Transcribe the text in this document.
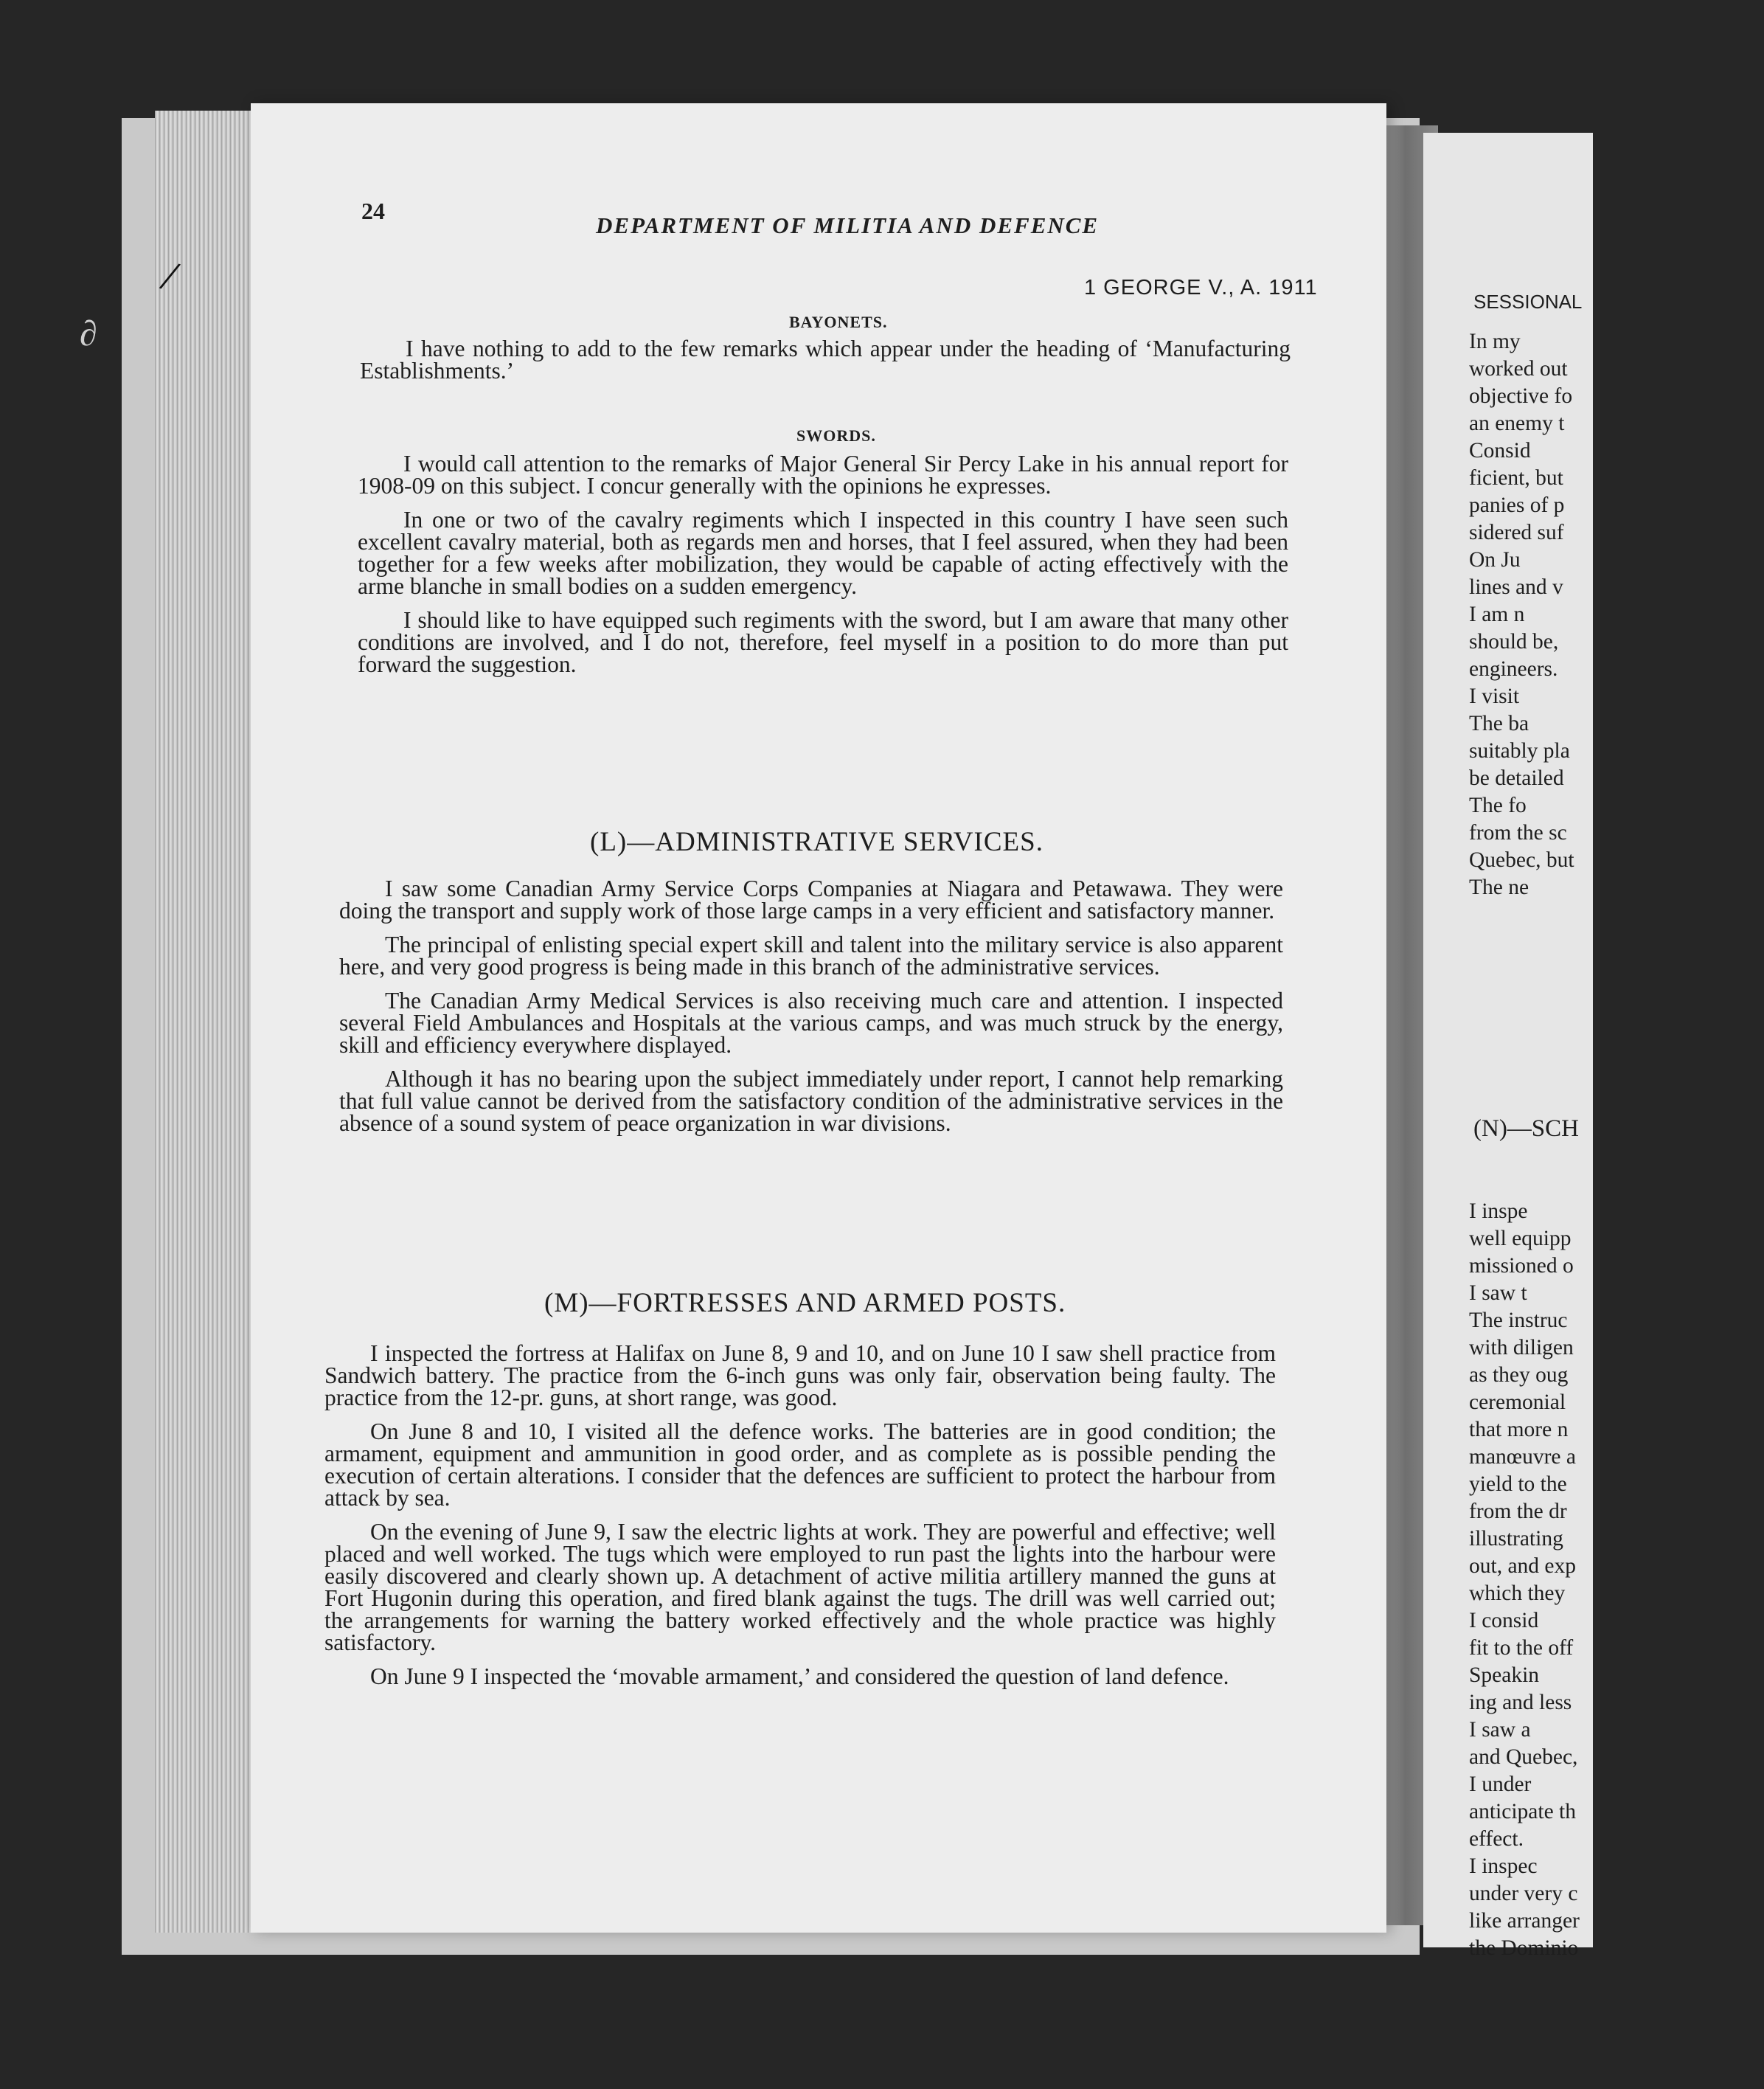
/
∂
24
DEPARTMENT OF MILITIA AND DEFENCE
1 GEORGE V., A. 1911
BAYONETS.

I have nothing to add to the few remarks which appear under the heading of ‘Manufacturing Establishments.’

SWORDS.

I would call attention to the remarks of Major General Sir Percy Lake in his annual report for 1908-09 on this subject. I concur generally with the opinions he expresses.

In one or two of the cavalry regiments which I inspected in this country I have seen such excellent cavalry material, both as regards men and horses, that I feel assured, when they had been together for a few weeks after mobilization, they would be capable of acting effectively with the arme blanche in small bodies on a sudden emergency.

I should like to have equipped such regiments with the sword, but I am aware that many other conditions are involved, and I do not, therefore, feel myself in a position to do more than put forward the suggestion.

(L)—ADMINISTRATIVE SERVICES.

I saw some Canadian Army Service Corps Companies at Niagara and Petawawa. They were doing the transport and supply work of those large camps in a very efficient and satisfactory manner.

The principal of enlisting special expert skill and talent into the military service is also apparent here, and very good progress is being made in this branch of the administrative services.

The Canadian Army Medical Services is also receiving much care and attention. I inspected several Field Ambulances and Hospitals at the various camps, and was much struck by the energy, skill and efficiency everywhere displayed.

Although it has no bearing upon the subject immediately under report, I cannot help remarking that full value cannot be derived from the satisfactory condition of the administrative services in the absence of a sound system of peace organization in war divisions.

(M)—FORTRESSES AND ARMED POSTS.

I inspected the fortress at Halifax on June 8, 9 and 10, and on June 10 I saw shell practice from Sandwich battery. The practice from the 6-inch guns was only fair, observation being faulty. The practice from the 12-pr. guns, at short range, was good.

On June 8 and 10, I visited all the defence works. The batteries are in good condition; the armament, equipment and ammunition in good order, and as complete as is possible pending the execution of certain alterations. I consider that the defences are sufficient to protect the harbour from attack by sea.

On the evening of June 9, I saw the electric lights at work. They are powerful and effective; well placed and well worked. The tugs which were employed to run past the lights into the harbour were easily discovered and clearly shown up. A detachment of active militia artillery manned the guns at Fort Hugonin during this operation, and fired blank against the tugs. The drill was well carried out; the arrangements for warning the battery worked effectively and the whole practice was highly satisfactory.

On June 9 I inspected the ‘movable armament,’ and considered the question of land defence.

SESSIONAL
In my
worked out
objective fo
an enemy t
Consid
ficient, but
panies of p
sidered suf
On Ju
lines and v
I am n
should be,
engineers.
I visit
The ba
suitably pla
be detailed
The fo
from the sc
Quebec, but
The ne
(N)—SCH
I inspe
well equipp
missioned o
I saw t
The instruc
with diligen
as they oug
ceremonial
that more n
manœuvre a
yield to the
from the dr
illustrating
out, and exp
which they
I consid
fit to the off
Speakin
ing and less
I saw a
and Quebec,
I under
anticipate th
effect.
I inspec
under very c
like arranger
the Dominio
